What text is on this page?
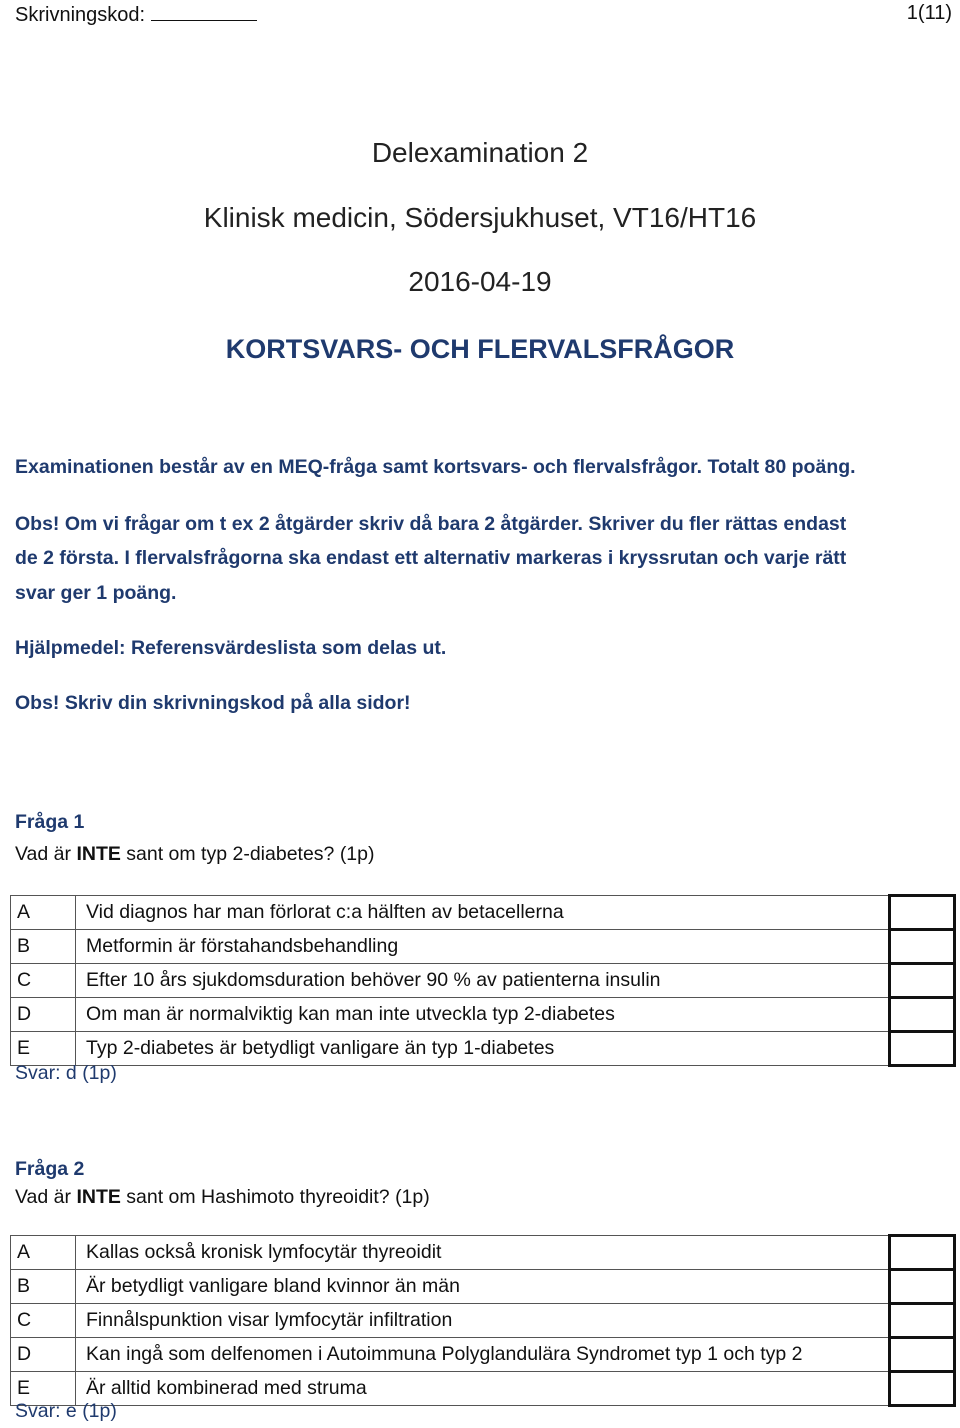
Skrivningskod:	1(11)
Delexamination 2
Klinisk medicin, Södersjukhuset, VT16/HT16
2016-04-19
KORTSVARS- OCH FLERVALSFRÅGOR
Examinationen består av en MEQ-fråga samt kortsvars- och flervalsfrågor. Totalt 80 poäng.
Obs! Om vi frågar om t ex 2 åtgärder skriv då bara 2 åtgärder. Skriver du fler rättas endast
de 2 första. I flervalsfrågorna ska endast ett alternativ markeras i kryssrutan och varje rätt
svar ger 1 poäng.
Hjälpmedel: Referensvärdeslista som delas ut.
Obs! Skriv din skrivningskod på alla sidor!
Fråga 1
Vad är INTE sant om typ 2-diabetes? (1p)
A	Vid diagnos har man förlorat c:a hälften av betacellerna	
B	Metformin är förstahandsbehandling	
C	Efter 10 års sjukdomsduration behöver 90 % av patienterna insulin	
D	Om man är normalviktig kan man inte utveckla typ 2-diabetes	
E	Typ 2-diabetes är betydligt vanligare än typ 1-diabetes	
Svar: d (1p)
Fråga 2
Vad är INTE sant om Hashimoto thyreoidit? (1p)
A	Kallas också kronisk lymfocytär thyreoidit	
B	Är betydligt vanligare bland kvinnor än män	
C	Finnålspunktion visar lymfocytär infiltration	
D	Kan ingå som delfenomen i Autoimmuna Polyglandulära Syndromet typ 1 och typ 2	
E	Är alltid kombinerad med struma	
Svar: e (1p)
